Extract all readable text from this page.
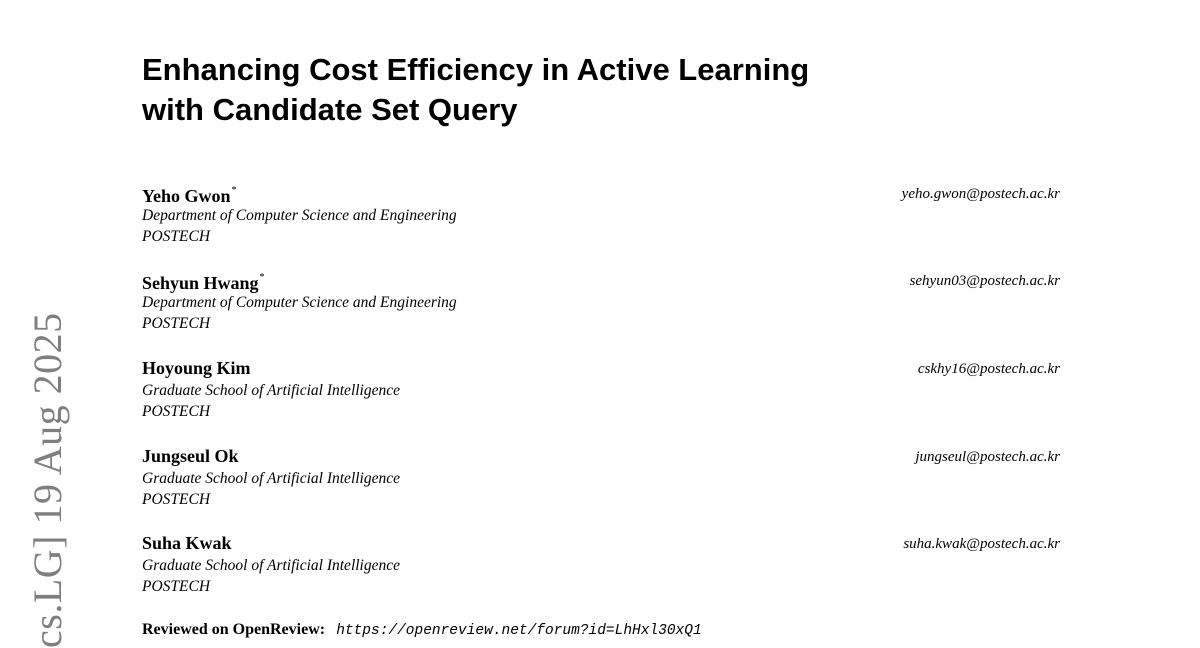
cs.LG] 19 Aug 2025
Enhancing Cost Efficiency in Active Learning
with Candidate Set Query
Yeho Gwon*
Department of Computer Science and Engineering
POSTECH
yeho.gwon@postech.ac.kr
Sehyun Hwang*
Department of Computer Science and Engineering
POSTECH
sehyun03@postech.ac.kr
Hoyoung Kim
Graduate School of Artificial Intelligence
POSTECH
cskhy16@postech.ac.kr
Jungseul Ok
Graduate School of Artificial Intelligence
POSTECH
jungseul@postech.ac.kr
Suha Kwak
Graduate School of Artificial Intelligence
POSTECH
suha.kwak@postech.ac.kr
Reviewed on OpenReview: https://openreview.net/forum?id=LhHxl30xQ1
